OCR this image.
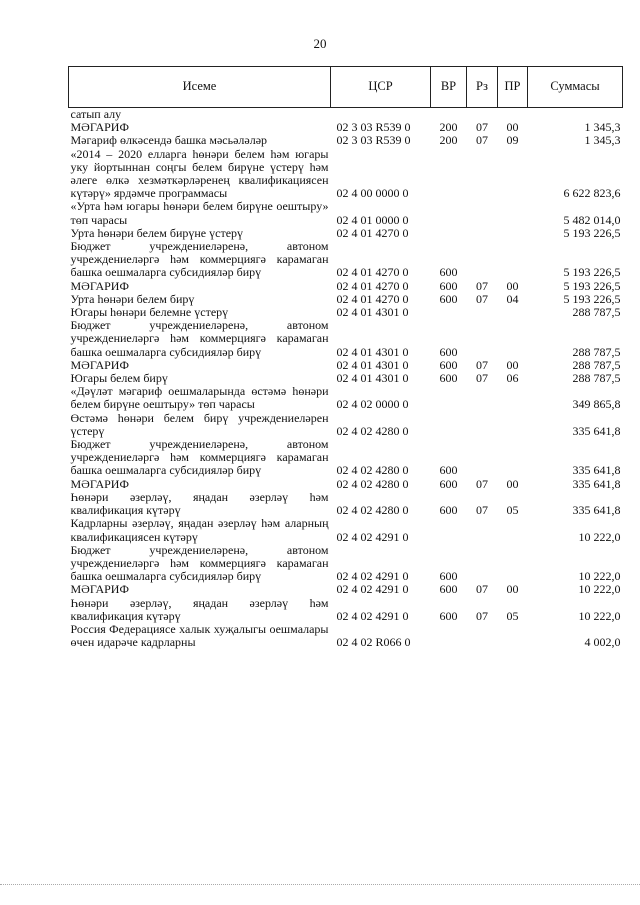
20
Исеме	ЦСР	ВР	Рз	ПР	Суммасы
сатып алу					
МӘГАРИФ	02 3 03 R539 0	200	07	00	1 345,3
Мәгариф өлкәсендә башка мәсьәләләр	02 3 03 R539 0	200	07	09	1 345,3
«2014 – 2020 елларга һөнәри белем һәм югары уку йортыннан соңгы белем бирүне үстерү һәм әлеге өлкә хезмәткәрләренең квалификациясен күтәрү» ярдәмче программасы	02 4 00 0000 0				6 622 823,6
«Урта һәм югары һөнәри белем бирүне оештыру» төп чарасы	02 4 01 0000 0				5 482 014,0
Урта һөнәри белем бирүне үстерү	02 4 01 4270 0				5 193 226,5
Бюджет учреждениеләренә, автоном учреждениеләргә һәм коммерциягә карамаган башка оешмаларга субсидияләр бирү	02 4 01 4270 0	600			5 193 226,5
МӘГАРИФ	02 4 01 4270 0	600	07	00	5 193 226,5
Урта һөнәри белем бирү	02 4 01 4270 0	600	07	04	5 193 226,5
Югары һөнәри белемне үстерү	02 4 01 4301 0				288 787,5
Бюджет учреждениеләренә, автоном учреждениеләргә һәм коммерциягә карамаган башка оешмаларга субсидияләр бирү	02 4 01 4301 0	600			288 787,5
МӘГАРИФ	02 4 01 4301 0	600	07	00	288 787,5
Югары белем бирү	02 4 01 4301 0	600	07	06	288 787,5
«Дәүләт мәгариф оешмаларында өстәмә һөнәри белем бирүне оештыру» төп чарасы	02 4 02 0000 0				349 865,8
Өстәмә һөнәри белем бирү учреждениеләрен үстерү	02 4 02 4280 0				335 641,8
Бюджет учреждениеләренә, автоном учреждениеләргә һәм коммерциягә карамаган башка оешмаларга субсидияләр бирү	02 4 02 4280 0	600			335 641,8
МӘГАРИФ	02 4 02 4280 0	600	07	00	335 641,8
Һөнәри әзерләү, яңадан әзерләү һәм квалификация күтәрү	02 4 02 4280 0	600	07	05	335 641,8
Кадрларны әзерләү, яңадан әзерләү һәм аларның квалификациясен күтәрү	02 4 02 4291 0				10 222,0
Бюджет учреждениеләренә, автоном учреждениеләргә һәм коммерциягә карамаган башка оешмаларга субсидияләр бирү	02 4 02 4291 0	600			10 222,0
МӘГАРИФ	02 4 02 4291 0	600	07	00	10 222,0
Һөнәри әзерләү, яңадан әзерләү һәм квалификация күтәрү	02 4 02 4291 0	600	07	05	10 222,0
Россия Федерациясе халык хуҗалыгы оешмалары өчен идарәче кадрларны	02 4 02 R066 0				4 002,0
